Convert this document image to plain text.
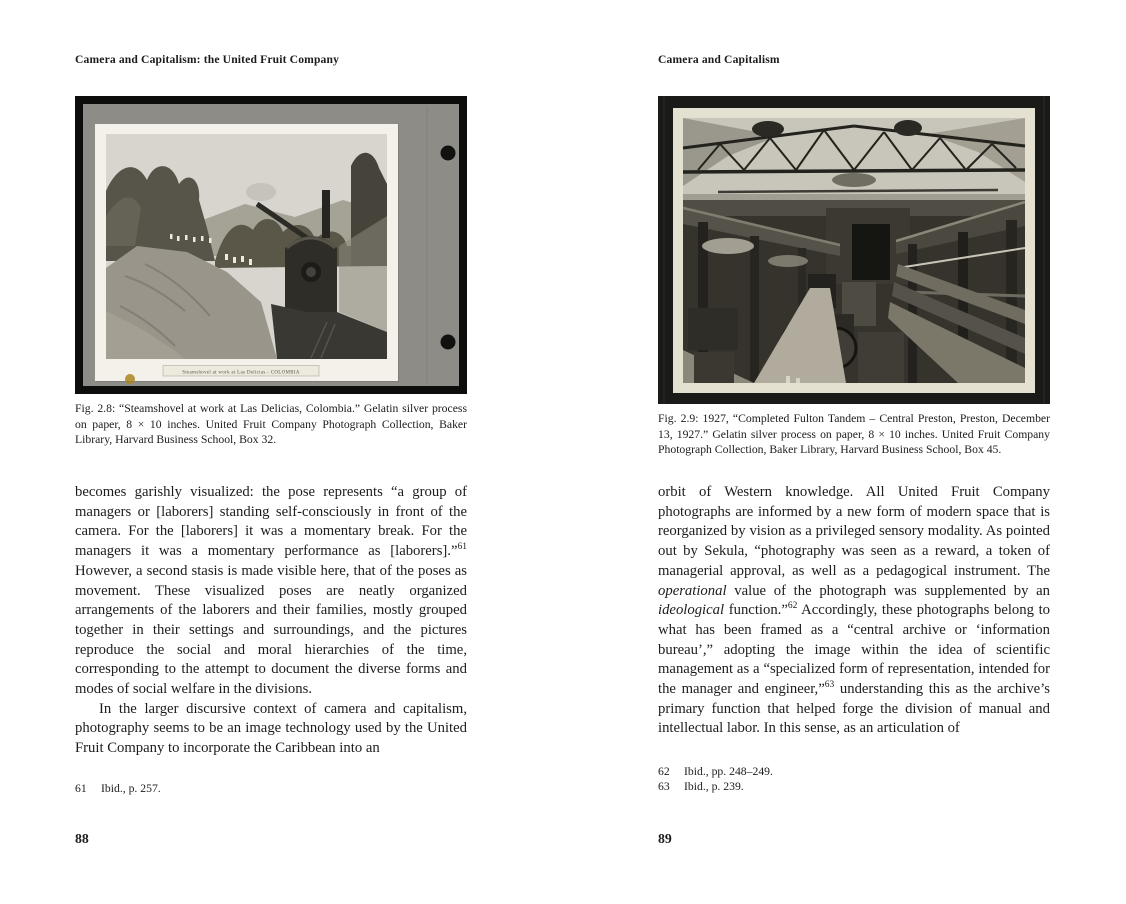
Camera and Capitalism: the United Fruit Company
Steamshovel at work at Las Delicias - COLOMBIA
Fig. 2.8: “Steamshovel at work at Las Delicias, Colombia.” Gelatin silver process on paper, 8 × 10 inches. United Fruit Company Photograph Collection, Baker Library, Harvard Business School, Box 32.

becomes garishly visualized: the pose represents “a group of managers or [laborers] standing self-consciously in front of the camera. For the [laborers] it was a momentary break. For the managers it was a momentary performance as [laborers].”$^{61}$ However, a second stasis is made visible here, that of the poses as movement. These visualized poses are neatly organized arrangements of the laborers and their families, mostly grouped together in their settings and surroundings, and the pictures reproduce the social and moral hierarchies of the time, corresponding to the attempt to document the diverse forms and modes of social welfare in the divisions.

In the larger discursive context of camera and capitalism, photography seems to be an image technology used by the United Fruit Company to incorporate the Caribbean into an

61 Ibid., p. 257.
88
Camera and Capitalism
Fig. 2.9: 1927, “Completed Fulton Tandem – Central Preston, Preston, December 13, 1927.” Gelatin silver process on paper, 8 × 10 inches. United Fruit Company Photograph Collection, Baker Library, Harvard Business School, Box 45.

orbit of Western knowledge. All United Fruit Company photographs are informed by a new form of modern space that is reorganized by vision as a privileged sensory modality. As pointed out by Sekula, “photography was seen as a reward, a token of managerial approval, as well as a pedagogical instrument. The operational value of the photograph was supplemented by an ideological function.”$^{62}$ Accordingly, these photographs belong to what has been framed as a “central archive or ‘information bureau’,” adopting the image within the idea of scientific management as a “specialized form of representation, intended for the manager and engineer,”$^{63}$ understanding this as the archive’s primary function that helped forge the division of manual and intellectual labor. In this sense, as an articulation of

62 Ibid., pp. 248–249.
63 Ibid., p. 239.
89
